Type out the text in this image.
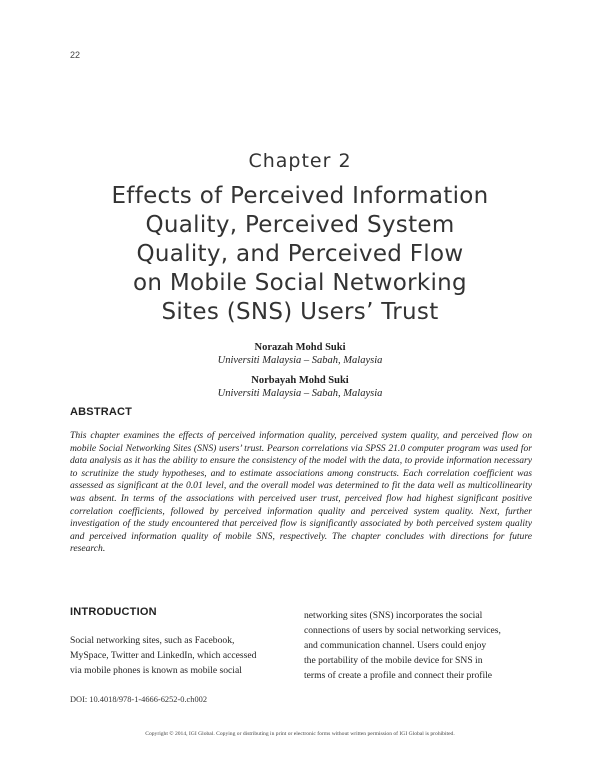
22
Chapter 2
Effects of Perceived Information
Quality, Perceived System
Quality, and Perceived Flow
on Mobile Social Networking
Sites (SNS) Users’ Trust
Norazah Mohd Suki
Universiti Malaysia – Sabah, Malaysia
Norbayah Mohd Suki
Universiti Malaysia – Sabah, Malaysia
ABSTRACT
This chapter examines the effects of perceived information quality, perceived system quality, and perceived flow on mobile Social Networking Sites (SNS) users’ trust. Pearson correlations via SPSS 21.0 computer program was used for data analysis as it has the ability to ensure the consistency of the model with the data, to provide information necessary to scrutinize the study hypotheses, and to estimate associations among constructs. Each correlation coefficient was assessed as significant at the 0.01 level, and the overall model was determined to fit the data well as multicollinearity was absent. In terms of the associations with perceived user trust, perceived flow had highest significant positive correlation coefficients, followed by perceived information quality and perceived system quality. Next, further investigation of the study encountered that perceived flow is significantly associated by both perceived system quality and perceived information quality of mobile SNS, respectively. The chapter concludes with directions for future research.
INTRODUCTION
Social networking sites, such as Facebook,
MySpace, Twitter and LinkedIn, which accessed
via mobile phones is known as mobile social
networking sites (SNS) incorporates the social
connections of users by social networking services,
and communication channel. Users could enjoy
the portability of the mobile device for SNS in
terms of create a profile and connect their profile
DOI: 10.4018/978-1-4666-6252-0.ch002
Copyright © 2014, IGI Global. Copying or distributing in print or electronic forms without written permission of IGI Global is prohibited.
